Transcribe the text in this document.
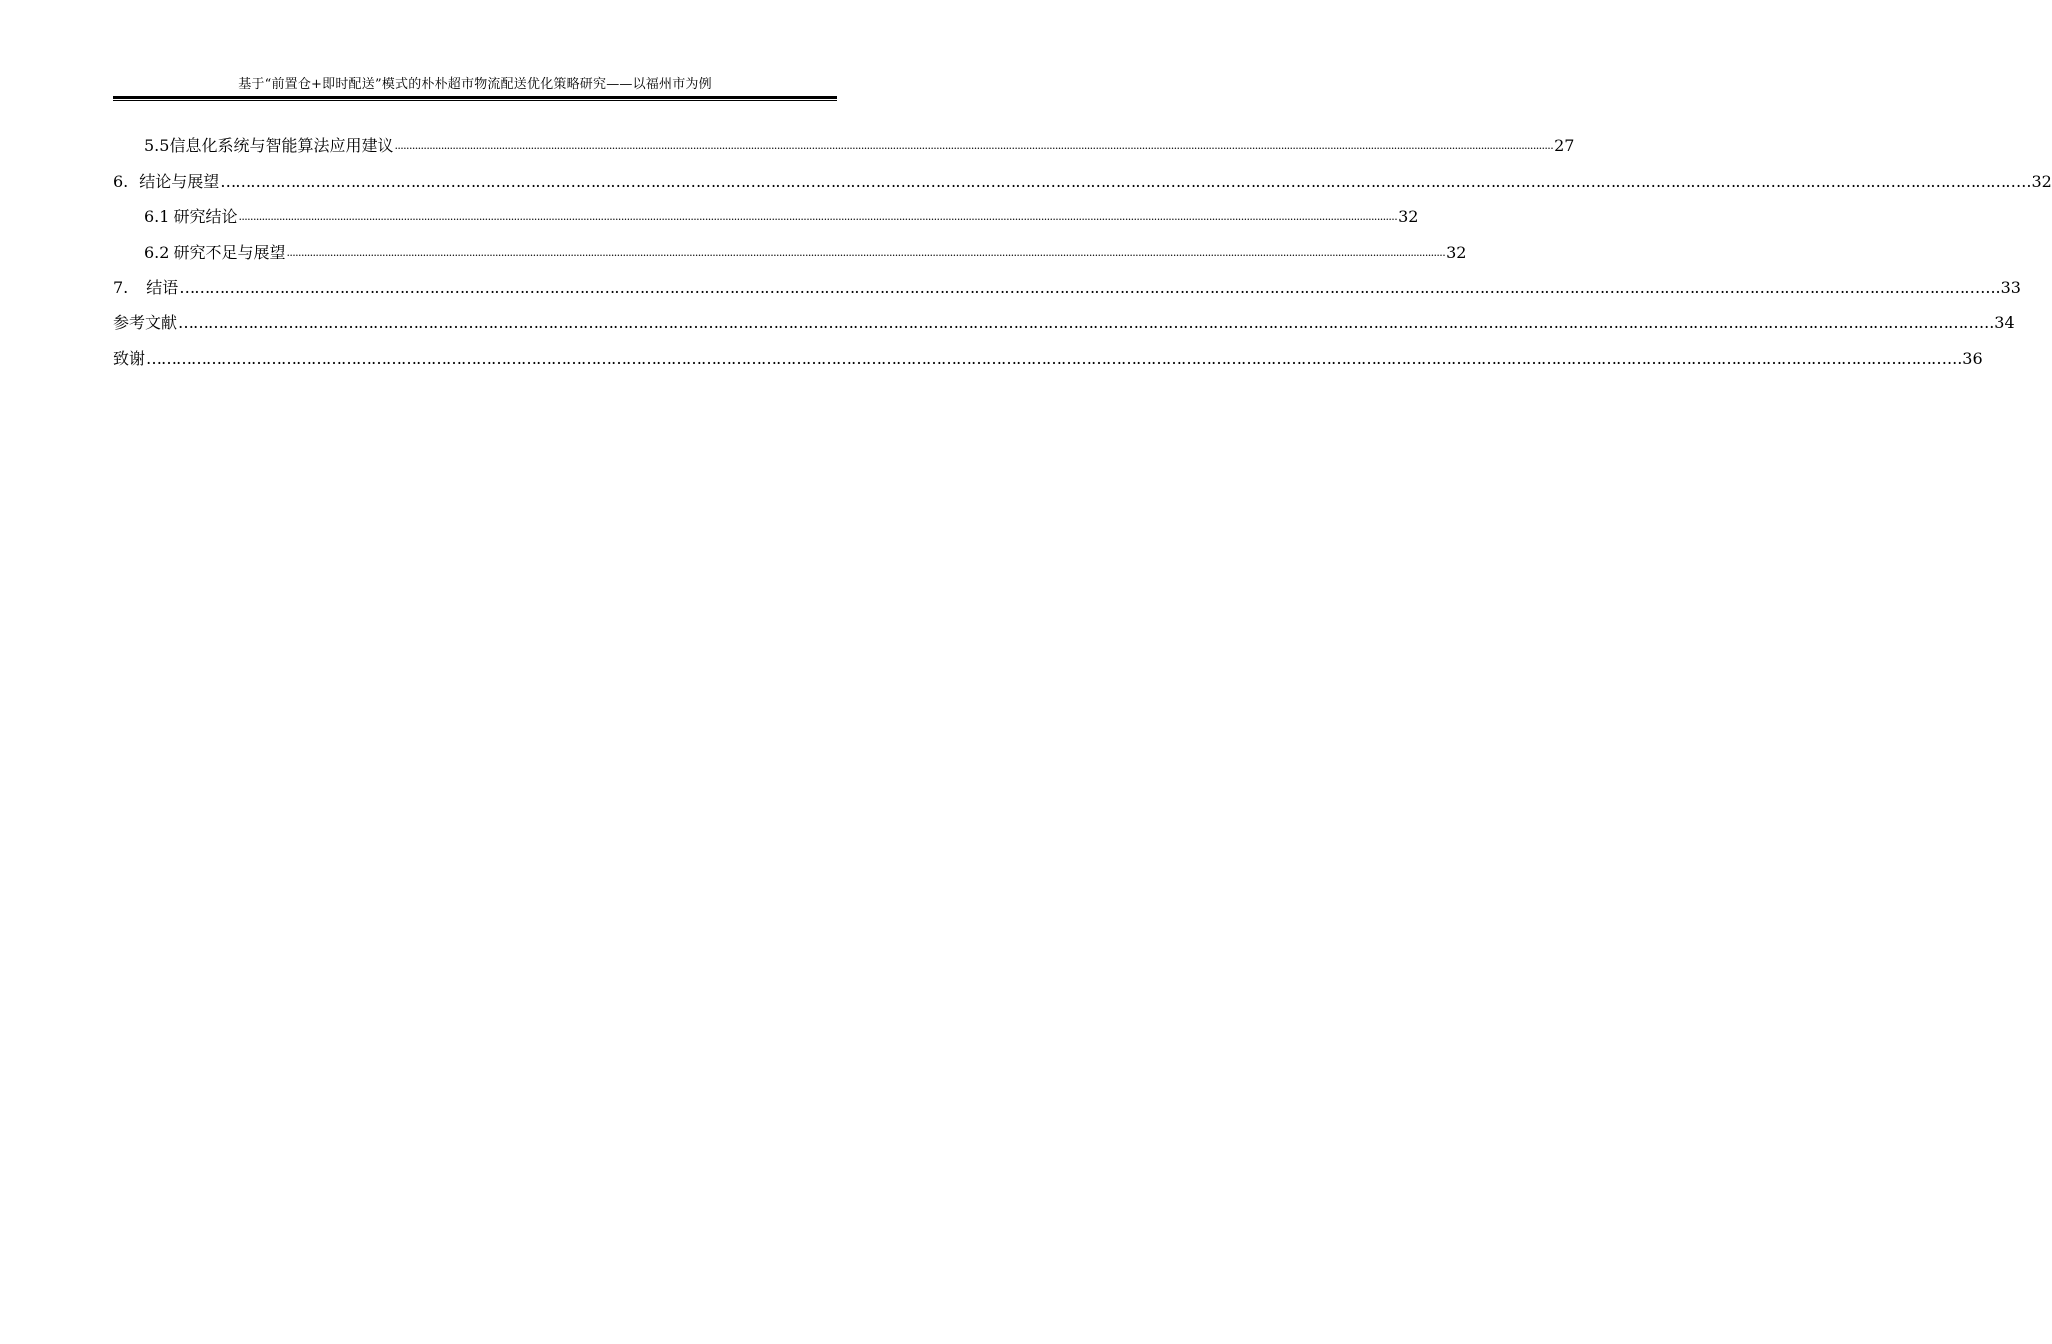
基于“前置仓+即时配送”模式的朴朴超市物流配送优化策略研究——以福州市为例
5.5 信息化系统与智能算法应用建议 ................................................................................................................................................................................................................................................................................................................................................................................................................ 27
6. 结论与展望 ……………………………………………………………………………………………………………………………………………………………………………………………………………………………………………………………………………………………………………………………… ..32
6.1 研究结论 ................................................................................................................................................................................................................................................................................................................................................................................................................ 32
6.2 研究不足与展望 ................................................................................................................................................................................................................................................................................................................................................................................................................ 32
7. 结语 ……………………………………………………………………………………………………………………………………………………………………………………………………………………………………………………………………………………………………………………………… ....33
参考文献 ……………………………………………………………………………………………………………………………………………………………………………………………………………………………………………………………………………………………………………………………… ...34
致谢 ……………………………………………………………………………………………………………………………………………………………………………………………………………………………………………………………………………………………………………………………… ...36
